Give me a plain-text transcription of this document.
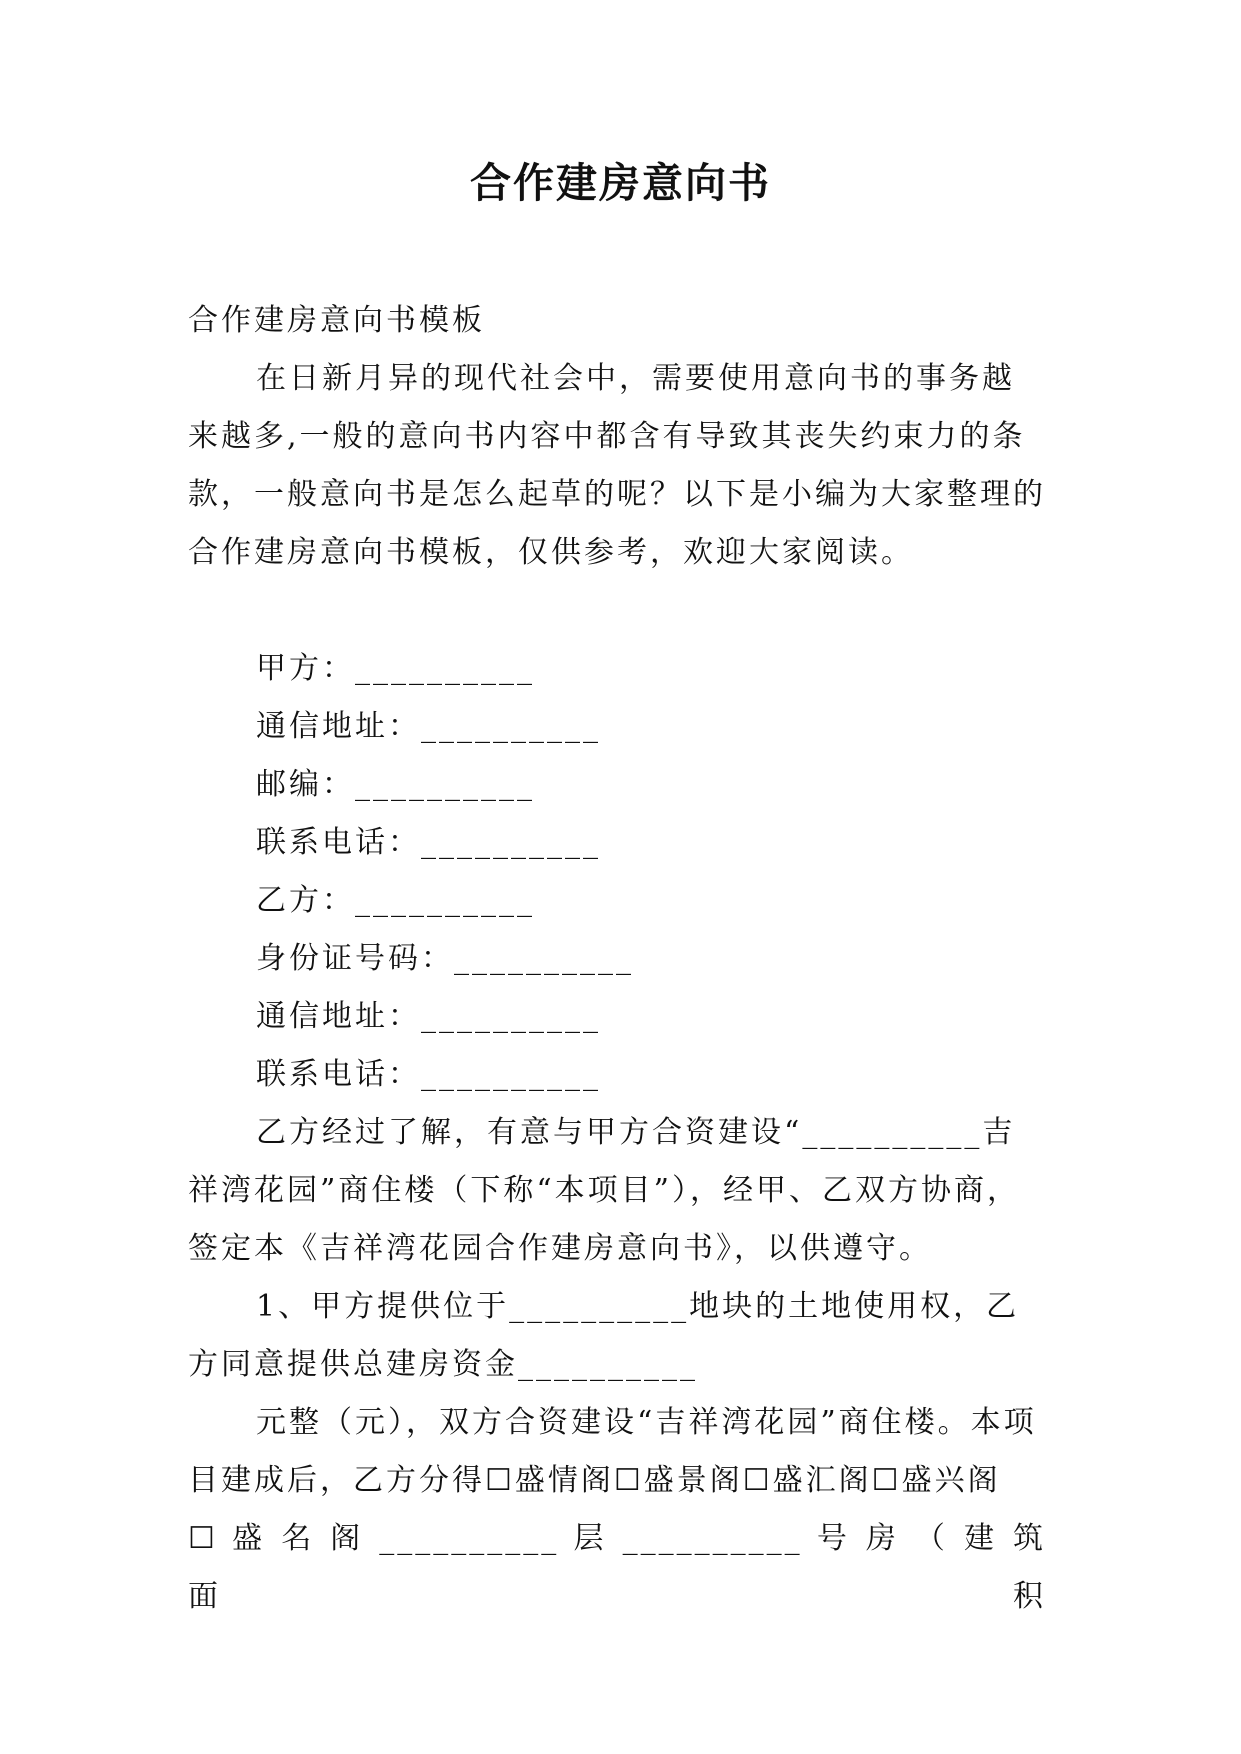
合作建房意向书

合作建房意向书模板

在日新月异的现代社会中，需要使用意向书的事务越来越多,一般的意向书内容中都含有导致其丧失约束力的条款，一般意向书是怎么起草的呢？以下是小编为大家整理的合作建房意向书模板，仅供参考，欢迎大家阅读。

甲方：__________

通信地址：__________

邮编：__________

联系电话：__________

乙方：__________

身份证号码：__________

通信地址：__________

联系电话：__________

乙方经过了解，有意与甲方合资建设“__________吉祥湾花园”商住楼（下称“本项目”），经甲、乙双方协商，签定本《吉祥湾花园合作建房意向书》，以供遵守。

1、甲方提供位于__________地块的土地使用权，乙方同意提供总建房资金__________

元整（元），双方合资建设“吉祥湾花园”商住楼。本项目建成后，乙方分得☐盛情阁☐盛景阁☐盛汇阁☐盛兴阁

☐ 盛 名 阁 __________ 层 __________ 号 房 （ 建 筑 面 积
